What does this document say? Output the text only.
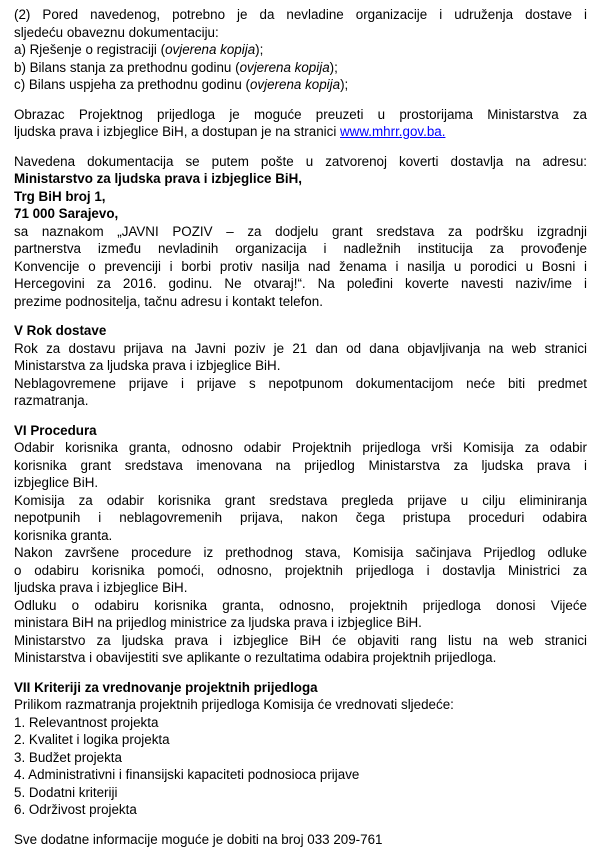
(2) Pored navedenog, potrebno je da nevladine organizacije i udruženja dostave i
sljedeću obaveznu dokumentaciju:
a) Rješenje o registraciji (ovjerena kopija);
b) Bilans stanja za prethodnu godinu (ovjerena kopija);
c) Bilans uspjeha za prethodnu godinu (ovjerena kopija);
Obrazac Projektnog prijedloga je moguće preuzeti u prostorijama Ministarstva za
ljudska prava i izbjeglice BiH, a dostupan je na stranici www.mhrr.gov.ba.
Navedena dokumentacija se putem pošte u zatvorenoj koverti dostavlja na adresu:
Ministarstvo za ljudska prava i izbjeglice BiH,
Trg BiH broj 1,
71 000 Sarajevo,
sa naznakom „JAVNI POZIV – za dodjelu grant sredstava za podršku izgradnji
partnerstva između nevladinih organizacija i nadležnih institucija za provođenje
Konvencije o prevenciji i borbi protiv nasilja nad ženama i nasilja u porodici u Bosni i
Hercegovini za 2016. godinu. Ne otvaraj!“. Na poleđini koverte navesti naziv/ime i
prezime podnositelja, tačnu adresu i kontakt telefon.
V Rok dostave
Rok za dostavu prijava na Javni poziv je 21 dan od dana objavljivanja na web stranici
Ministarstva za ljudska prava i izbjeglice BiH.
Neblagovremene prijave i prijave s nepotpunom dokumentacijom neće biti predmet
razmatranja.
VI Procedura
Odabir korisnika granta, odnosno odabir Projektnih prijedloga vrši Komisija za odabir
korisnika grant sredstava imenovana na prijedlog Ministarstva za ljudska prava i
izbjeglice BiH.
Komisija za odabir korisnika grant sredstava pregleda prijave u cilju eliminiranja
nepotpunih i neblagovremenih prijava, nakon čega pristupa proceduri odabira
korisnika granta.
Nakon završene procedure iz prethodnog stava, Komisija sačinjava Prijedlog odluke
o odabiru korisnika pomoći, odnosno, projektnih prijedloga i dostavlja Ministrici za
ljudska prava i izbjeglice BiH.
Odluku o odabiru korisnika granta, odnosno, projektnih prijedloga donosi Vijeće
ministara BiH na prijedlog ministrice za ljudska prava i izbjeglice BiH.
Ministarstvo za ljudska prava i izbjeglice BiH će objaviti rang listu na web stranici
Ministarstva i obavijestiti sve aplikante o rezultatima odabira projektnih prijedloga.
VII Kriteriji za vrednovanje projektnih prijedloga
Prilikom razmatranja projektnih prijedloga Komisija će vrednovati sljedeće:
1. Relevantnost projekta
2. Kvalitet i logika projekta
3. Budžet projekta
4. Administrativni i finansijski kapaciteti podnosioca prijave
5. Dodatni kriteriji
6. Održivost projekta
Sve dodatne informacije moguće je dobiti na broj 033 209-761
